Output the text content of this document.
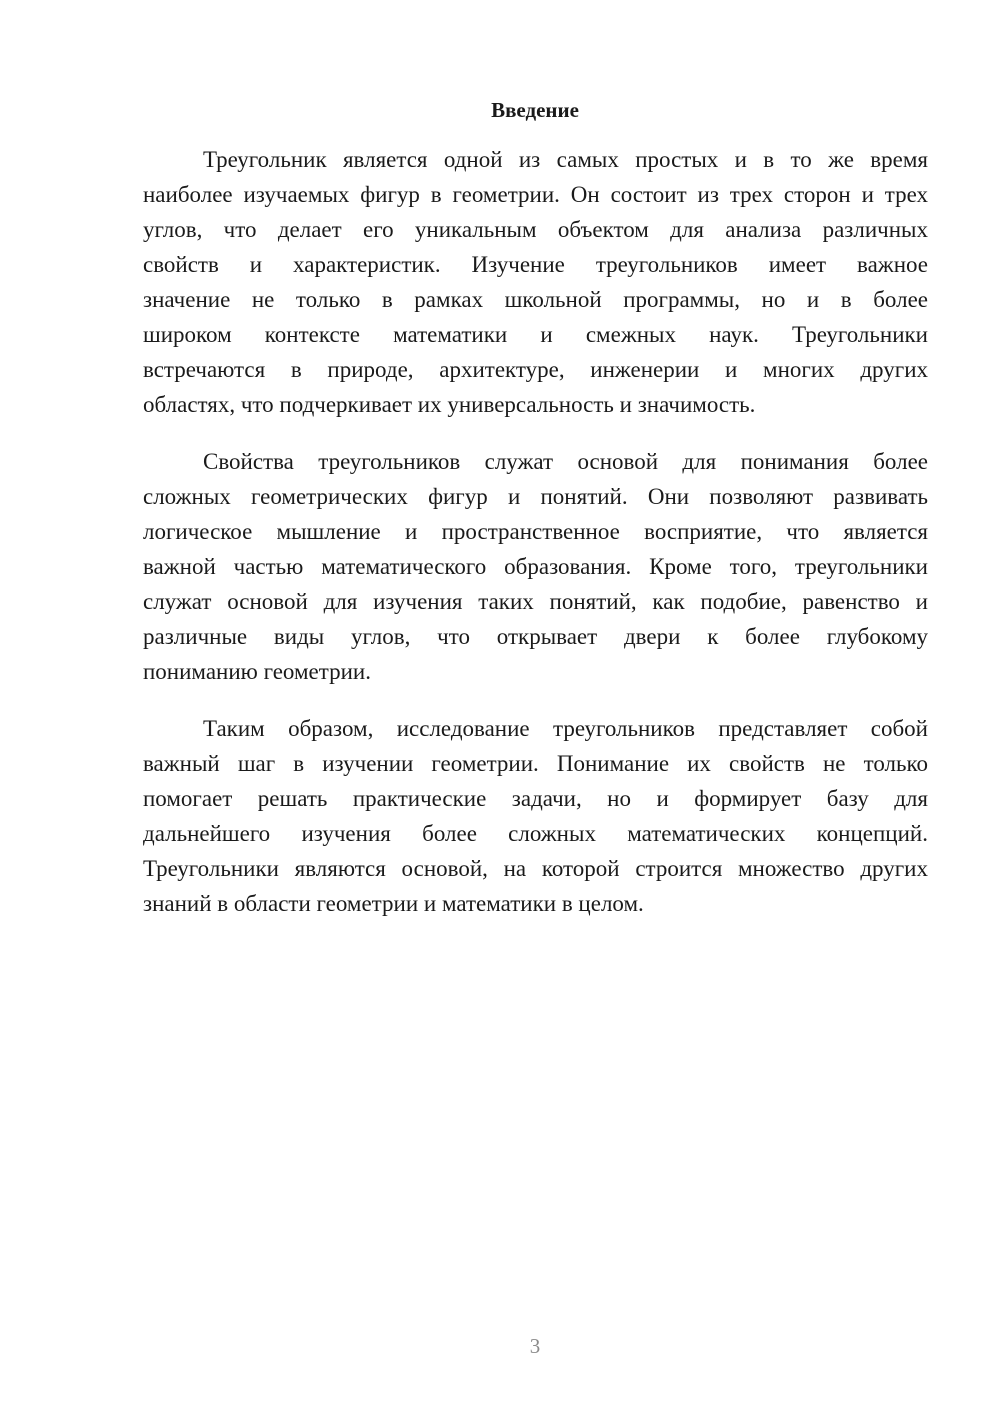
Введение
Треугольник является одной из самых простых и в то же время
наиболее изучаемых фигур в геометрии. Он состоит из трех сторон и трех
углов, что делает его уникальным объектом для анализа различных
свойств и характеристик. Изучение треугольников имеет важное
значение не только в рамках школьной программы, но и в более
широком контексте математики и смежных наук. Треугольники
встречаются в природе, архитектуре, инженерии и многих других
областях, что подчеркивает их универсальность и значимость.
Свойства треугольников служат основой для понимания более
сложных геометрических фигур и понятий. Они позволяют развивать
логическое мышление и пространственное восприятие, что является
важной частью математического образования. Кроме того, треугольники
служат основой для изучения таких понятий, как подобие, равенство и
различные виды углов, что открывает двери к более глубокому
пониманию геометрии.
Таким образом, исследование треугольников представляет собой
важный шаг в изучении геометрии. Понимание их свойств не только
помогает решать практические задачи, но и формирует базу для
дальнейшего изучения более сложных математических концепций.
Треугольники являются основой, на которой строится множество других
знаний в области геометрии и математики в целом.
3
